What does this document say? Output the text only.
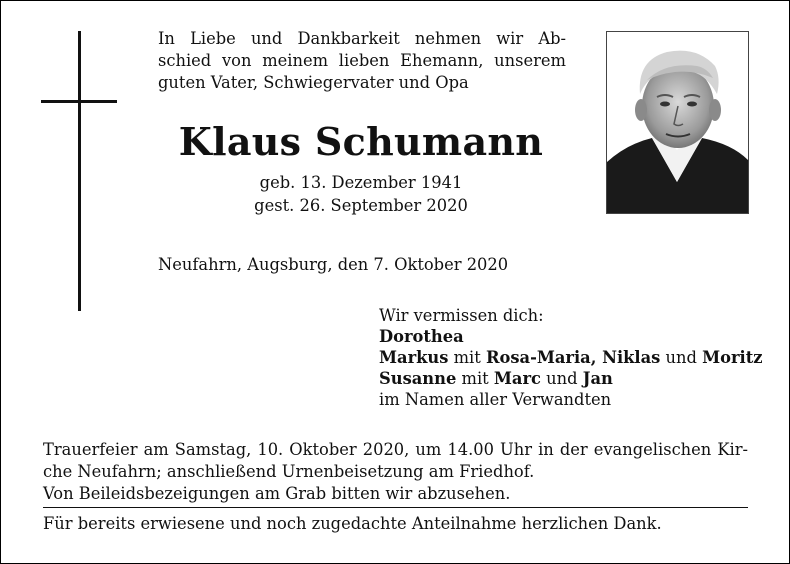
In Liebe und Dankbarkeit nehmen wir Ab-
schied von meinem lieben Ehemann, unserem
guten Vater, Schwiegervater und Opa
Klaus Schumann
geb. 13. Dezember 1941
gest. 26. September 2020
Neufahrn, Augsburg, den 7. Oktober 2020
Wir vermissen dich:
Dorothea
Markus mit Rosa-Maria, Niklas und Moritz
Susanne mit Marc und Jan
im Namen aller Verwandten
Trauerfeier am Samstag, 10. Oktober 2020, um 14.00 Uhr in der evangelischen Kir-
che Neufahrn; anschließend Urnenbeisetzung am Friedhof.
Von Beileidsbezeigungen am Grab bitten wir abzusehen.
Für bereits erwiesene und noch zugedachte Anteilnahme herzlichen Dank.
